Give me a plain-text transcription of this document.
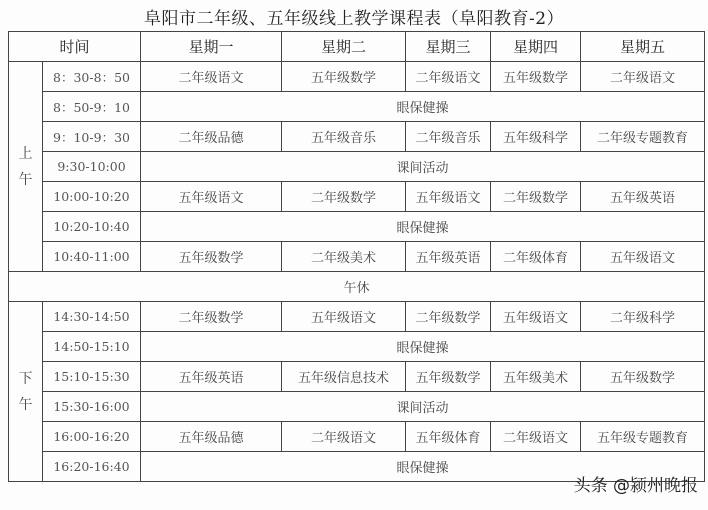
阜阳市二年级、五年级线上教学课程表（阜阳教育-2）
时间		星期一	星期二	星期三	星期四	星期五

上
午	8：30-8：50	二年级语文	五年级数学	二年级语文	五年级数学	二年级语文
	8：50-9：10	眼保健操				
	9：10-9：30	二年级品德	五年级音乐	二年级音乐	五年级科学	二年级专题教育
	9:30-10:00	课间活动				
	10:00-10:20	五年级语文	二年级数学	五年级语文	二年级数学	五年级英语
	10:20-10:40	眼保健操				
	10:40-11:00	五年级数学	二年级美术	五年级英语	二年级体育	五年级语文
午休						

下
午	14:30-14:50	二年级数学	五年级语文	二年级数学	五年级语文	二年级科学
	14:50-15:10	眼保健操				
	15:10-15:30	五年级英语	五年级信息技术	五年级数学	五年级美术	五年级数学
	15:30-16:00	课间活动				
	16:00-16:20	五年级品德	二年级语文	五年级体育	二年级语文	五年级专题教育
	16:20-16:40	眼保健操				
头条 @颍州晚报
